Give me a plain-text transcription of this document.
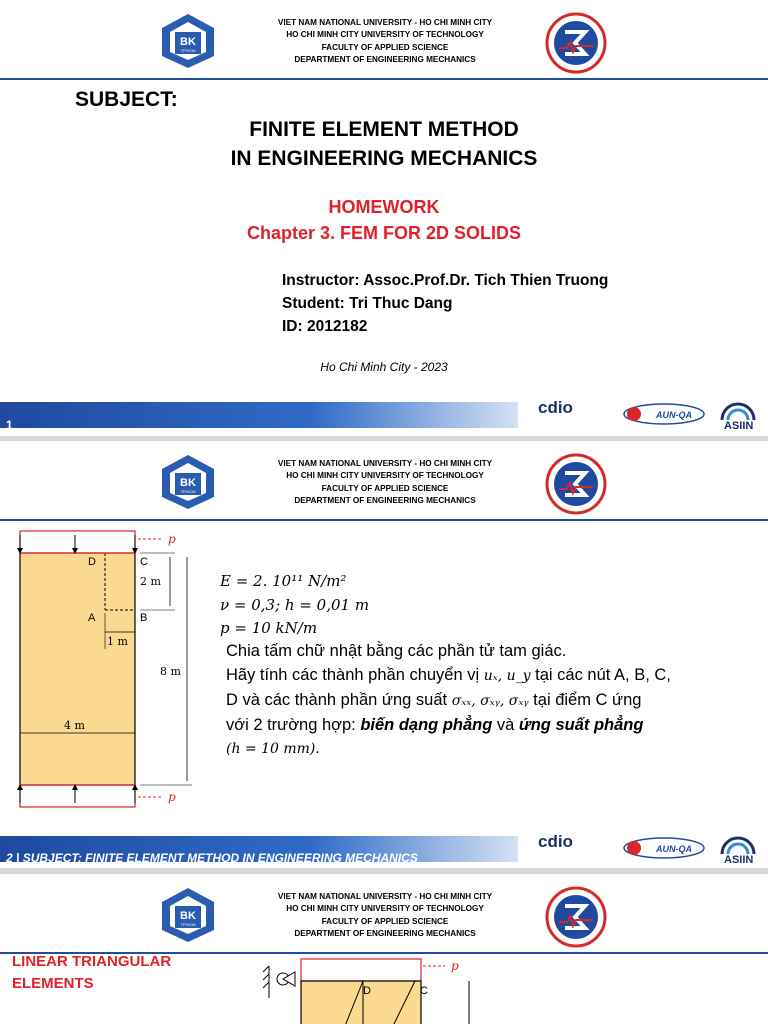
BK
TP.HCM
VIET NAM NATIONAL UNIVERSITY - HO CHI MINH CITY
HO CHI MINH CITY UNIVERSITY OF TECHNOLOGY
FACULTY OF APPLIED SCIENCE
DEPARTMENT OF ENGINEERING MECHANICS
SUBJECT:
FINITE ELEMENT METHOD
IN ENGINEERING MECHANICS
HOMEWORK
Chapter 3. FEM FOR 2D SOLIDS
Instructor: Assoc.Prof.Dr. Tich Thien Truong
Student: Tri Thuc Dang
ID: 2012182
Ho Chi Minh City - 2023
1
cdio	AUN-QA
ASIIN
BK
TP.HCM
VIET NAM NATIONAL UNIVERSITY - HO CHI MINH CITY
HO CHI MINH CITY UNIVERSITY OF TECHNOLOGY
FACULTY OF APPLIED SCIENCE
DEPARTMENT OF ENGINEERING MECHANICS
p
p
D	C
A	B
2 m
1 m
8 m
4 m
E = 2. 10¹¹ N/m²
ν = 0,3; h = 0,01 m
p = 10 kN/m
Chia tấm chữ nhật bằng các phần tử tam giác.
Hãy tính các thành phần chuyển vị uₓ, u_y tại các nút A, B, C,
D và các thành phần ứng suất σₓₓ, σₓᵧ, σₓᵧ tại điểm C ứng
với 2 trường hợp: biến dạng phẳng và ứng suất phẳng
(h = 10 mm).
2 | SUBJECT: FINITE ELEMENT METHOD IN ENGINEERING MECHANICS
cdio	AUN-QA
ASIIN
BK
TP.HCM
VIET NAM NATIONAL UNIVERSITY - HO CHI MINH CITY
HO CHI MINH CITY UNIVERSITY OF TECHNOLOGY
FACULTY OF APPLIED SCIENCE
DEPARTMENT OF ENGINEERING MECHANICS
LINEAR TRIANGULAR
ELEMENTS
p
D	C
